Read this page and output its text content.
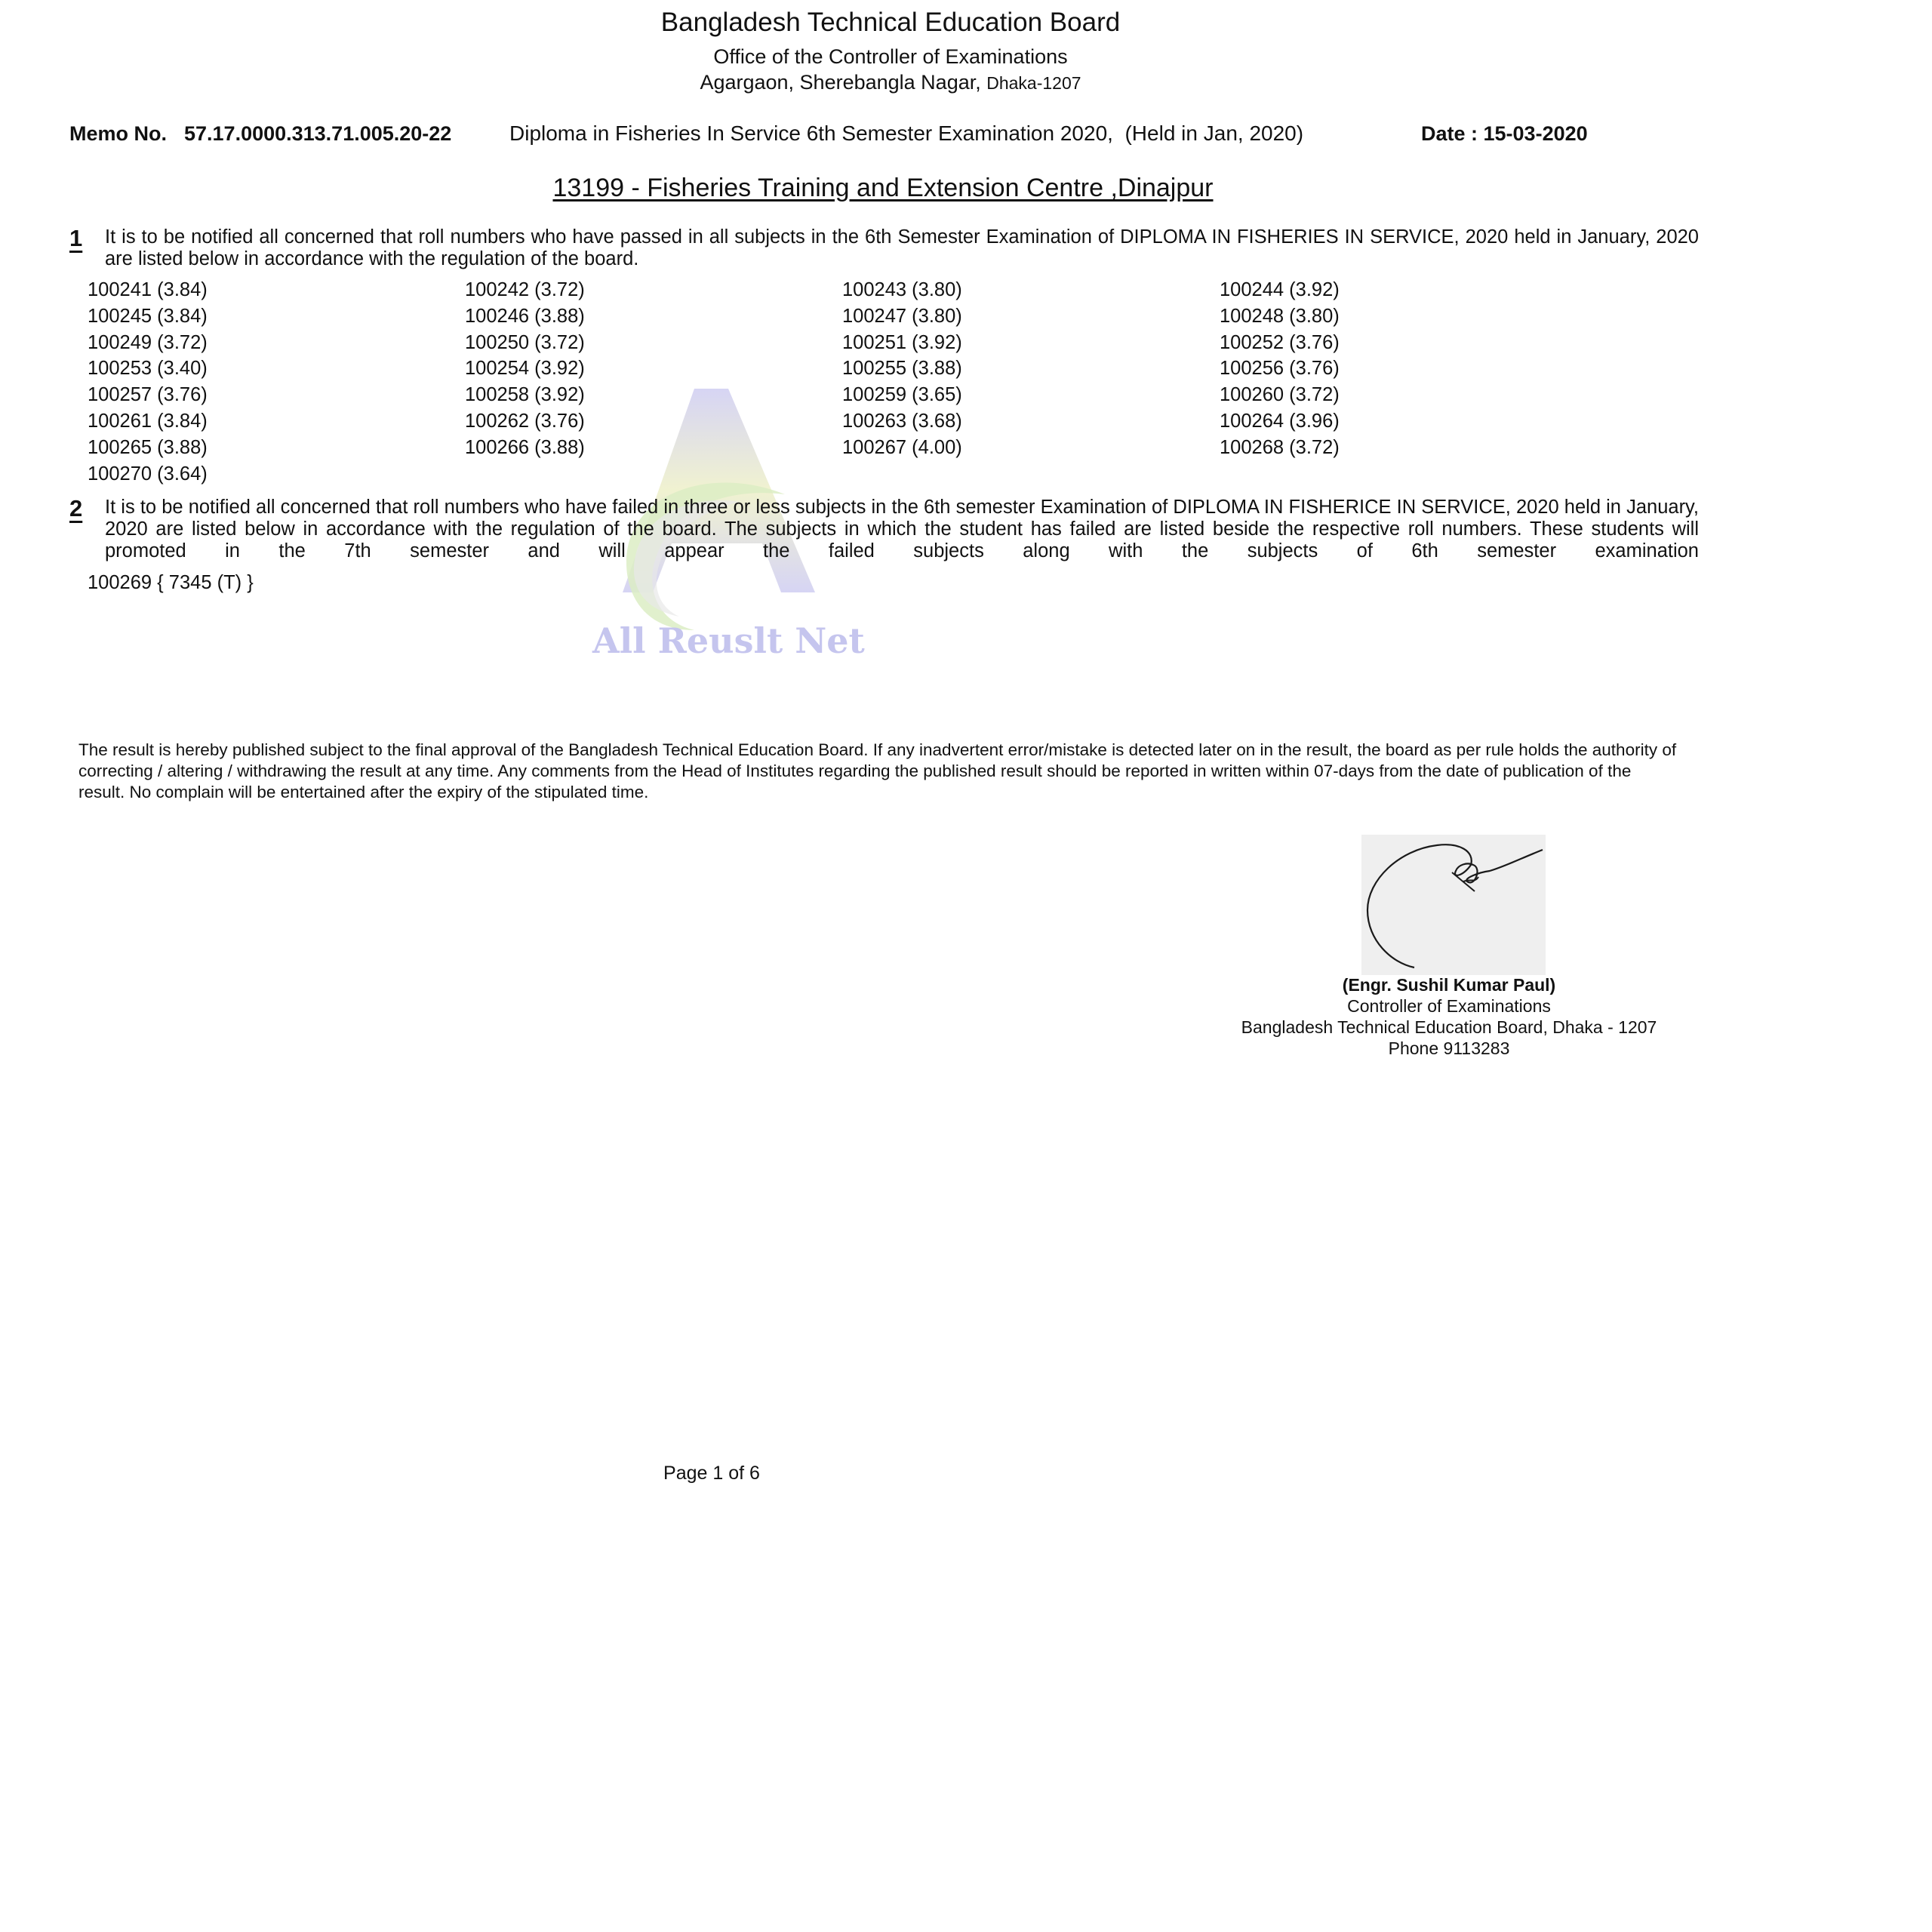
Bangladesh Technical Education Board
Office of the Controller of Examinations
Agargaon, Sherebangla Nagar, Dhaka-1207
Memo No. 57.17.0000.313.71.005.20-22	Diploma in Fisheries In Service 6th Semester Examination 2020,  (Held in Jan, 2020)	Date : 15-03-2020
13199 - Fisheries Training and Extension Centre ,Dinajpur
All Reuslt Net
1 It is to be notified all concerned that roll numbers who have passed in all subjects in the 6th Semester Examination of DIPLOMA IN FISHERIES IN SERVICE, 2020 held in January, 2020 are listed below in accordance with the regulation of the board.
100241 (3.84)	100242 (3.72)	100243 (3.80)	100244 (3.92)
100245 (3.84)	100246 (3.88)	100247 (3.80)	100248 (3.80)
100249 (3.72)	100250 (3.72)	100251 (3.92)	100252 (3.76)
100253 (3.40)	100254 (3.92)	100255 (3.88)	100256 (3.76)
100257 (3.76)	100258 (3.92)	100259 (3.65)	100260 (3.72)
100261 (3.84)	100262 (3.76)	100263 (3.68)	100264 (3.96)
100265 (3.88)	100266 (3.88)	100267 (4.00)	100268 (3.72)
100270 (3.64)
2 It is to be notified all concerned that roll numbers who have failed in three or less subjects in the 6th semester Examination of DIPLOMA IN FISHERICE IN SERVICE, 2020 held in January, 2020 are listed below in accordance with the regulation of the board. The subjects in which the student has failed are listed beside the respective roll numbers. These students will promoted in the 7th semester and will appear the failed subjects along with the subjects of 6th semester examination
100269 { 7345 (T) }
The result is hereby published subject to the final approval of the Bangladesh Technical Education Board. If any inadvertent error/mistake is detected later on in the result, the board as per rule holds the authority of correcting / altering / withdrawing the result at any time. Any comments from the Head of Institutes regarding the published result should be reported in written within 07-days from the date of publication of the result. No complain will be entertained after the expiry of the stipulated time.
(Engr. Sushil Kumar Paul)
Controller of Examinations
Bangladesh Technical Education Board, Dhaka - 1207
Phone 9113283
Page 1 of 6
